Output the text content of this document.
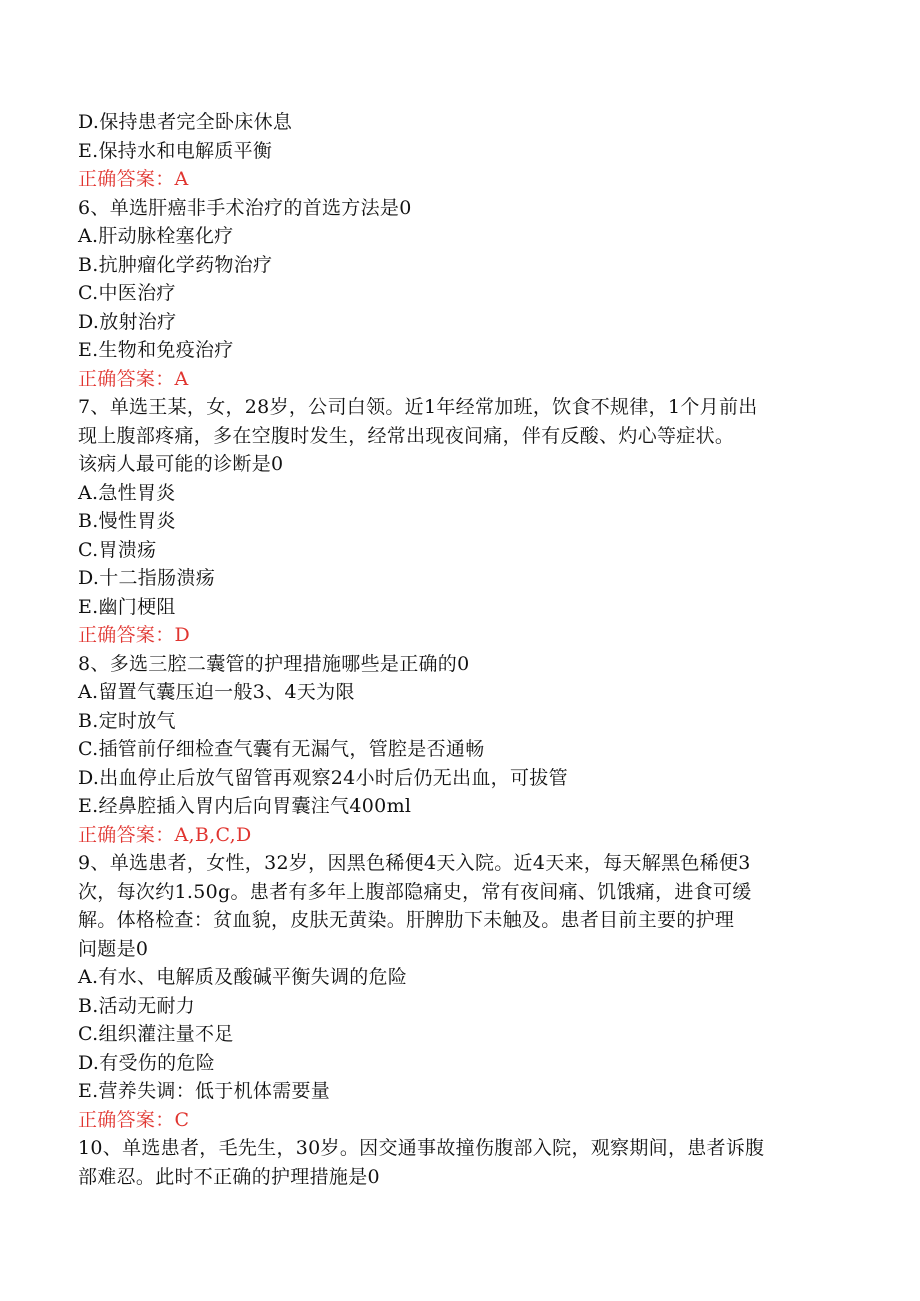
D.保持患者完全卧床休息
E.保持水和电解质平衡
正确答案：A
6、单选肝癌非手术治疗的首选方法是0
A.肝动脉栓塞化疗
B.抗肿瘤化学药物治疗
C.中医治疗
D.放射治疗
E.生物和免疫治疗
正确答案：A
7、单选王某，女，28岁，公司白领。近1年经常加班，饮食不规律，1个月前出
现上腹部疼痛，多在空腹时发生，经常出现夜间痛，伴有反酸、灼心等症状。
该病人最可能的诊断是0
A.急性胃炎
B.慢性胃炎
C.胃溃疡
D.十二指肠溃疡
E.幽门梗阻
正确答案：D
8、多选三腔二囊管的护理措施哪些是正确的0
A.留置气囊压迫一般3、4天为限
B.定时放气
C.插管前仔细检查气囊有无漏气，管腔是否通畅
D.出血停止后放气留管再观察24小时后仍无出血，可拔管
E.经鼻腔插入胃内后向胃囊注气400ml
正确答案：A,B,C,D
9、单选患者，女性，32岁，因黑色稀便4天入院。近4天来，每天解黑色稀便3
次，每次约1.50g。患者有多年上腹部隐痛史，常有夜间痛、饥饿痛，进食可缓
解。体格检查：贫血貌，皮肤无黄染。肝脾肋下未触及。患者目前主要的护理
问题是0
A.有水、电解质及酸碱平衡失调的危险
B.活动无耐力
C.组织灌注量不足
D.有受伤的危险
E.营养失调：低于机体需要量
正确答案：C
10、单选患者，毛先生，30岁。因交通事故撞伤腹部入院，观察期间，患者诉腹
部难忍。此时不正确的护理措施是0
